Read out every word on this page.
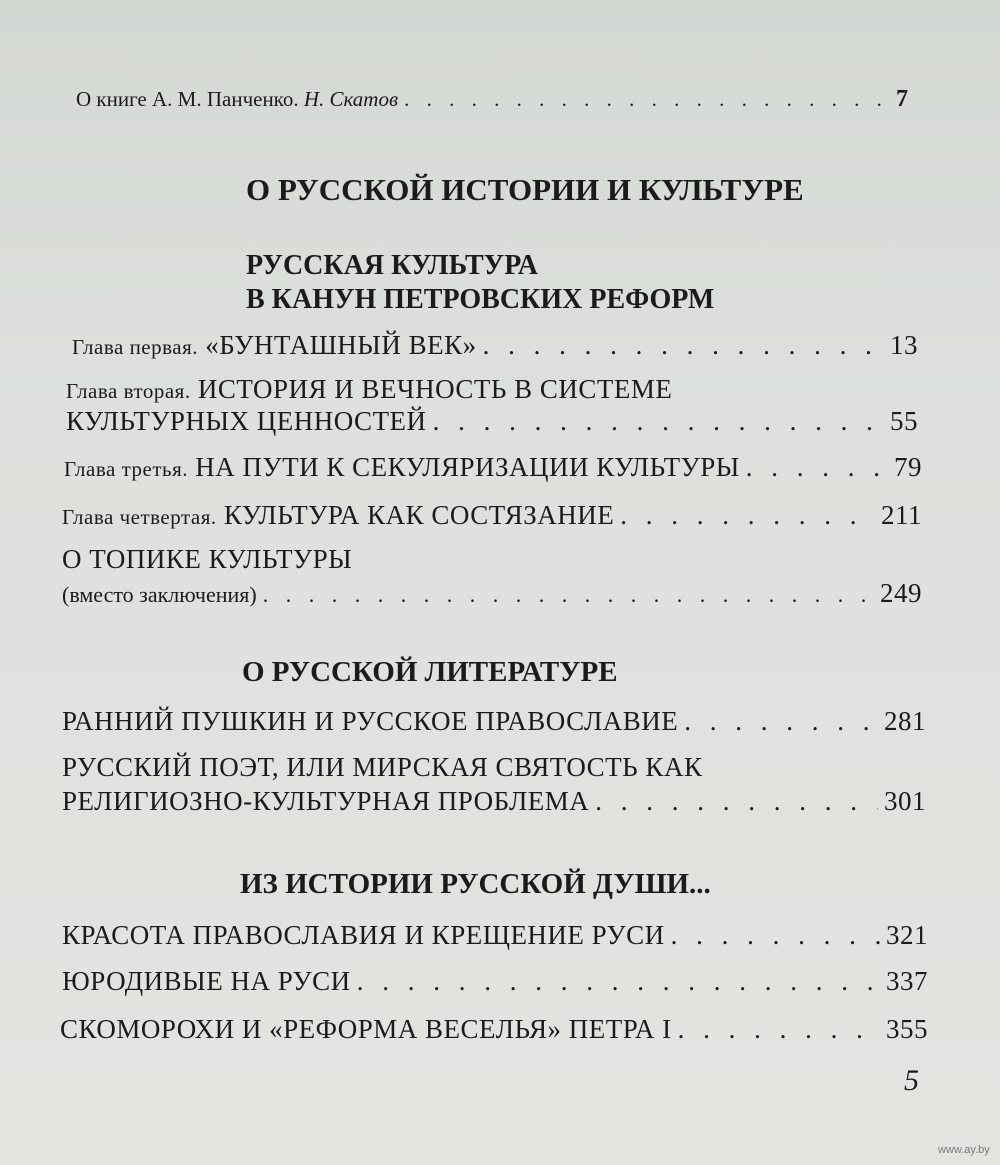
О книге А. М. Панченко. Н. Скатов . . .	7
О РУССКОЙ ИСТОРИИ И КУЛЬТУРЕ
РУССКАЯ КУЛЬТУРА
В КАНУН ПЕТРОВСКИХ РЕФОРМ
Глава первая. «БУНТАШНЫЙ ВЕК» . . .	13
Глава вторая. ИСТОРИЯ И ВЕЧНОСТЬ В СИСТЕМЕ
КУЛЬТУРНЫХ ЦЕННОСТЕЙ . . .	55
Глава третья. НА ПУТИ К СЕКУЛЯРИЗАЦИИ КУЛЬТУРЫ . . .	79
Глава четвертая. КУЛЬТУРА КАК СОСТЯЗАНИЕ . . .	211
О ТОПИКЕ КУЛЬТУРЫ
(вместо заключения) . . .	249
О РУССКОЙ ЛИТЕРАТУРЕ
РАННИЙ ПУШКИН И РУССКОЕ ПРАВОСЛАВИЕ . . .	281
РУССКИЙ ПОЭТ, ИЛИ МИРСКАЯ СВЯТОСТЬ КАК
РЕЛИГИОЗНО-КУЛЬТУРНАЯ ПРОБЛЕМА . . .	301
ИЗ ИСТОРИИ РУССКОЙ ДУШИ...
КРАСОТА ПРАВОСЛАВИЯ И КРЕЩЕНИЕ РУСИ . . .	321
ЮРОДИВЫЕ НА РУСИ . . .	337
СКОМОРОХИ И «РЕФОРМА ВЕСЕЛЬЯ» ПЕТРА I . . .	355
5
www.ay.by
